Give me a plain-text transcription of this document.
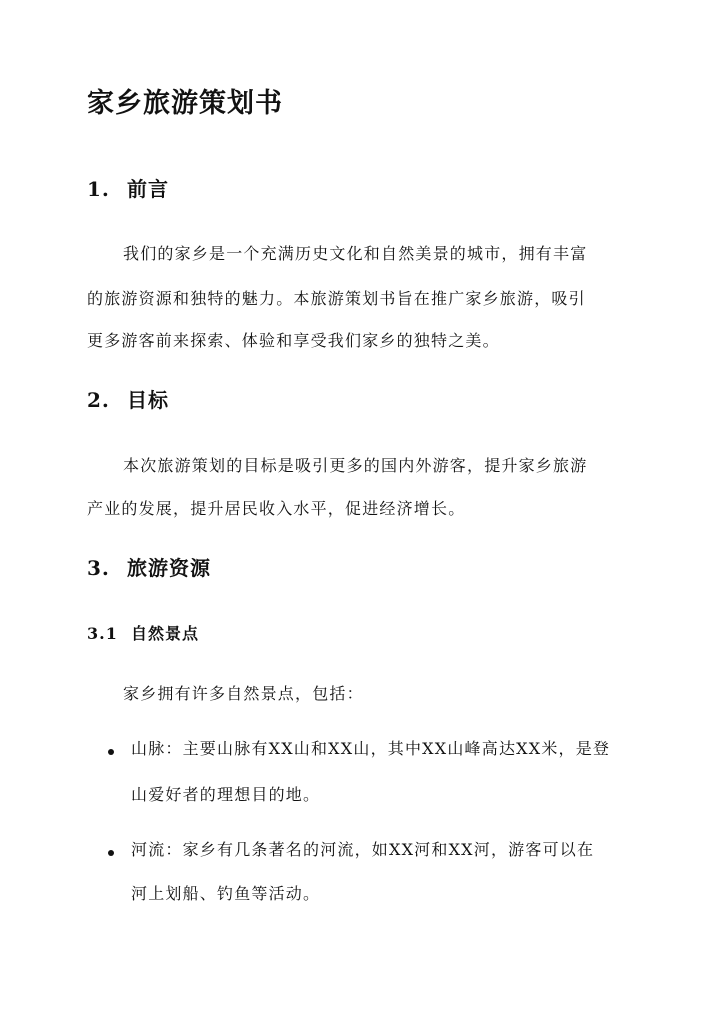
家乡旅游策划书
1. 前言

我们的家乡是一个充满历史文化和自然美景的城市，拥有丰富

的旅游资源和独特的魅力。本旅游策划书旨在推广家乡旅游，吸引

更多游客前来探索、体验和享受我们家乡的独特之美。

2. 目标

本次旅游策划的目标是吸引更多的国内外游客，提升家乡旅游

产业的发展，提升居民收入水平，促进经济增长。

3. 旅游资源
3.1 自然景点

家乡拥有许多自然景点，包括：

山脉：主要山脉有XX山和XX山，其中XX山峰高达XX米，是登

山爱好者的理想目的地。

河流：家乡有几条著名的河流，如XX河和XX河，游客可以在

河上划船、钓鱼等活动。
